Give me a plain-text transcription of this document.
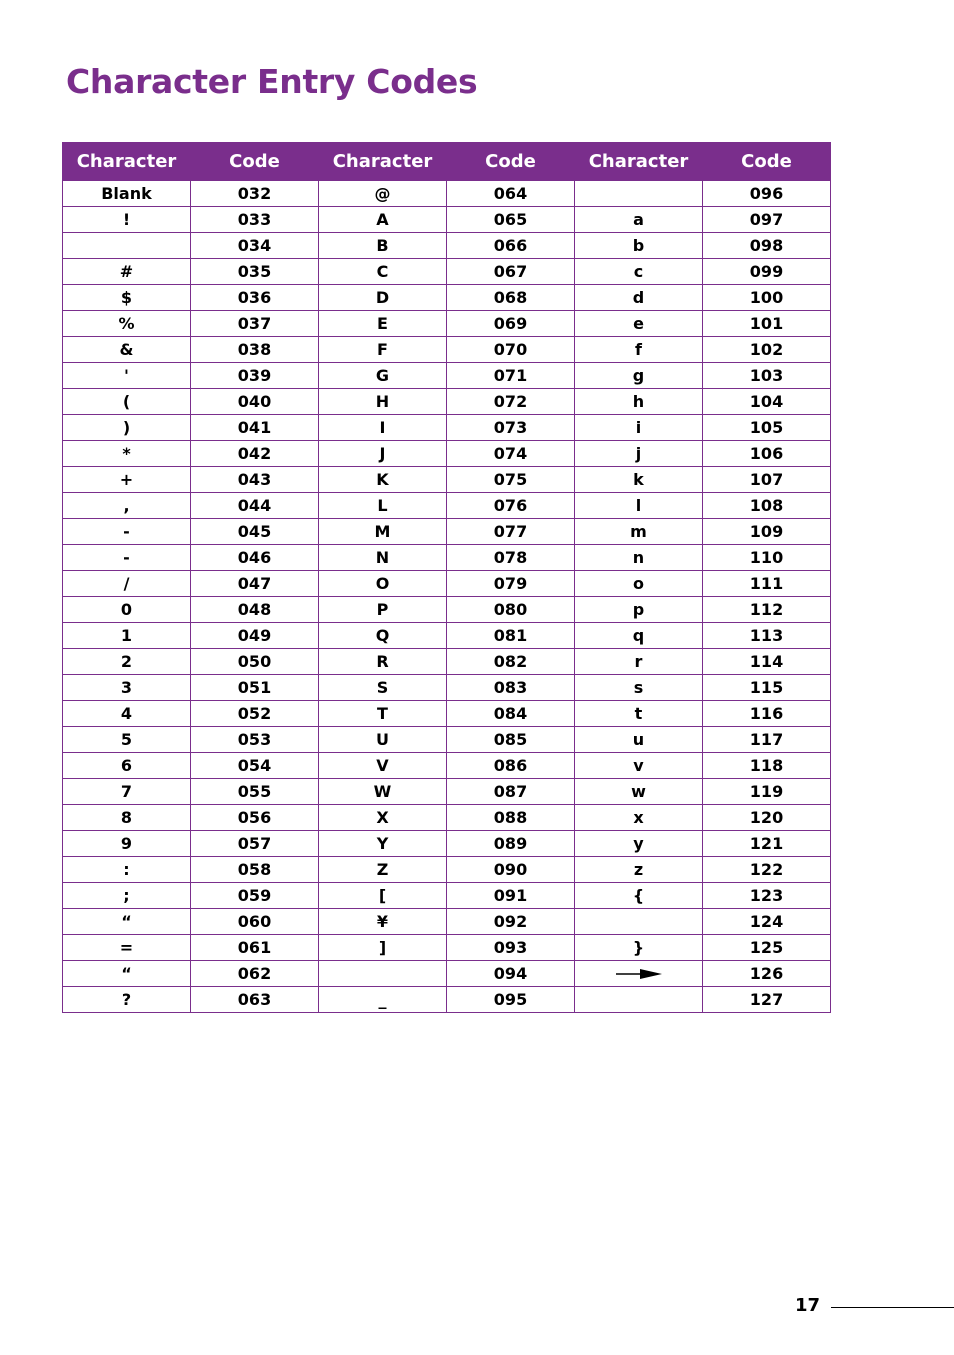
Character Entry Codes
Character	Code	Character	Code	Character	Code
Blank	032	@	064		096
!	033	A	065	a	097
	034	B	066	b	098
#	035	C	067	c	099
$	036	D	068	d	100
%	037	E	069	e	101
&	038	F	070	f	102
'	039	G	071	g	103
(	040	H	072	h	104
)	041	I	073	i	105
*	042	J	074	j	106
+	043	K	075	k	107
,	044	L	076	l	108
-	045	M	077	m	109
-	046	N	078	n	110
/	047	O	079	o	111
0	048	P	080	p	112
1	049	Q	081	q	113
2	050	R	082	r	114
3	051	S	083	s	115
4	052	T	084	t	116
5	053	U	085	u	117
6	054	V	086	v	118
7	055	W	087	w	119
8	056	X	088	x	120
9	057	Y	089	y	121
:	058	Z	090	z	122
;	059	[	091	{	123
“	060	¥	092		124
=	061	]	093	}	125
“	062		094		126
?	063	_	095		127
17
